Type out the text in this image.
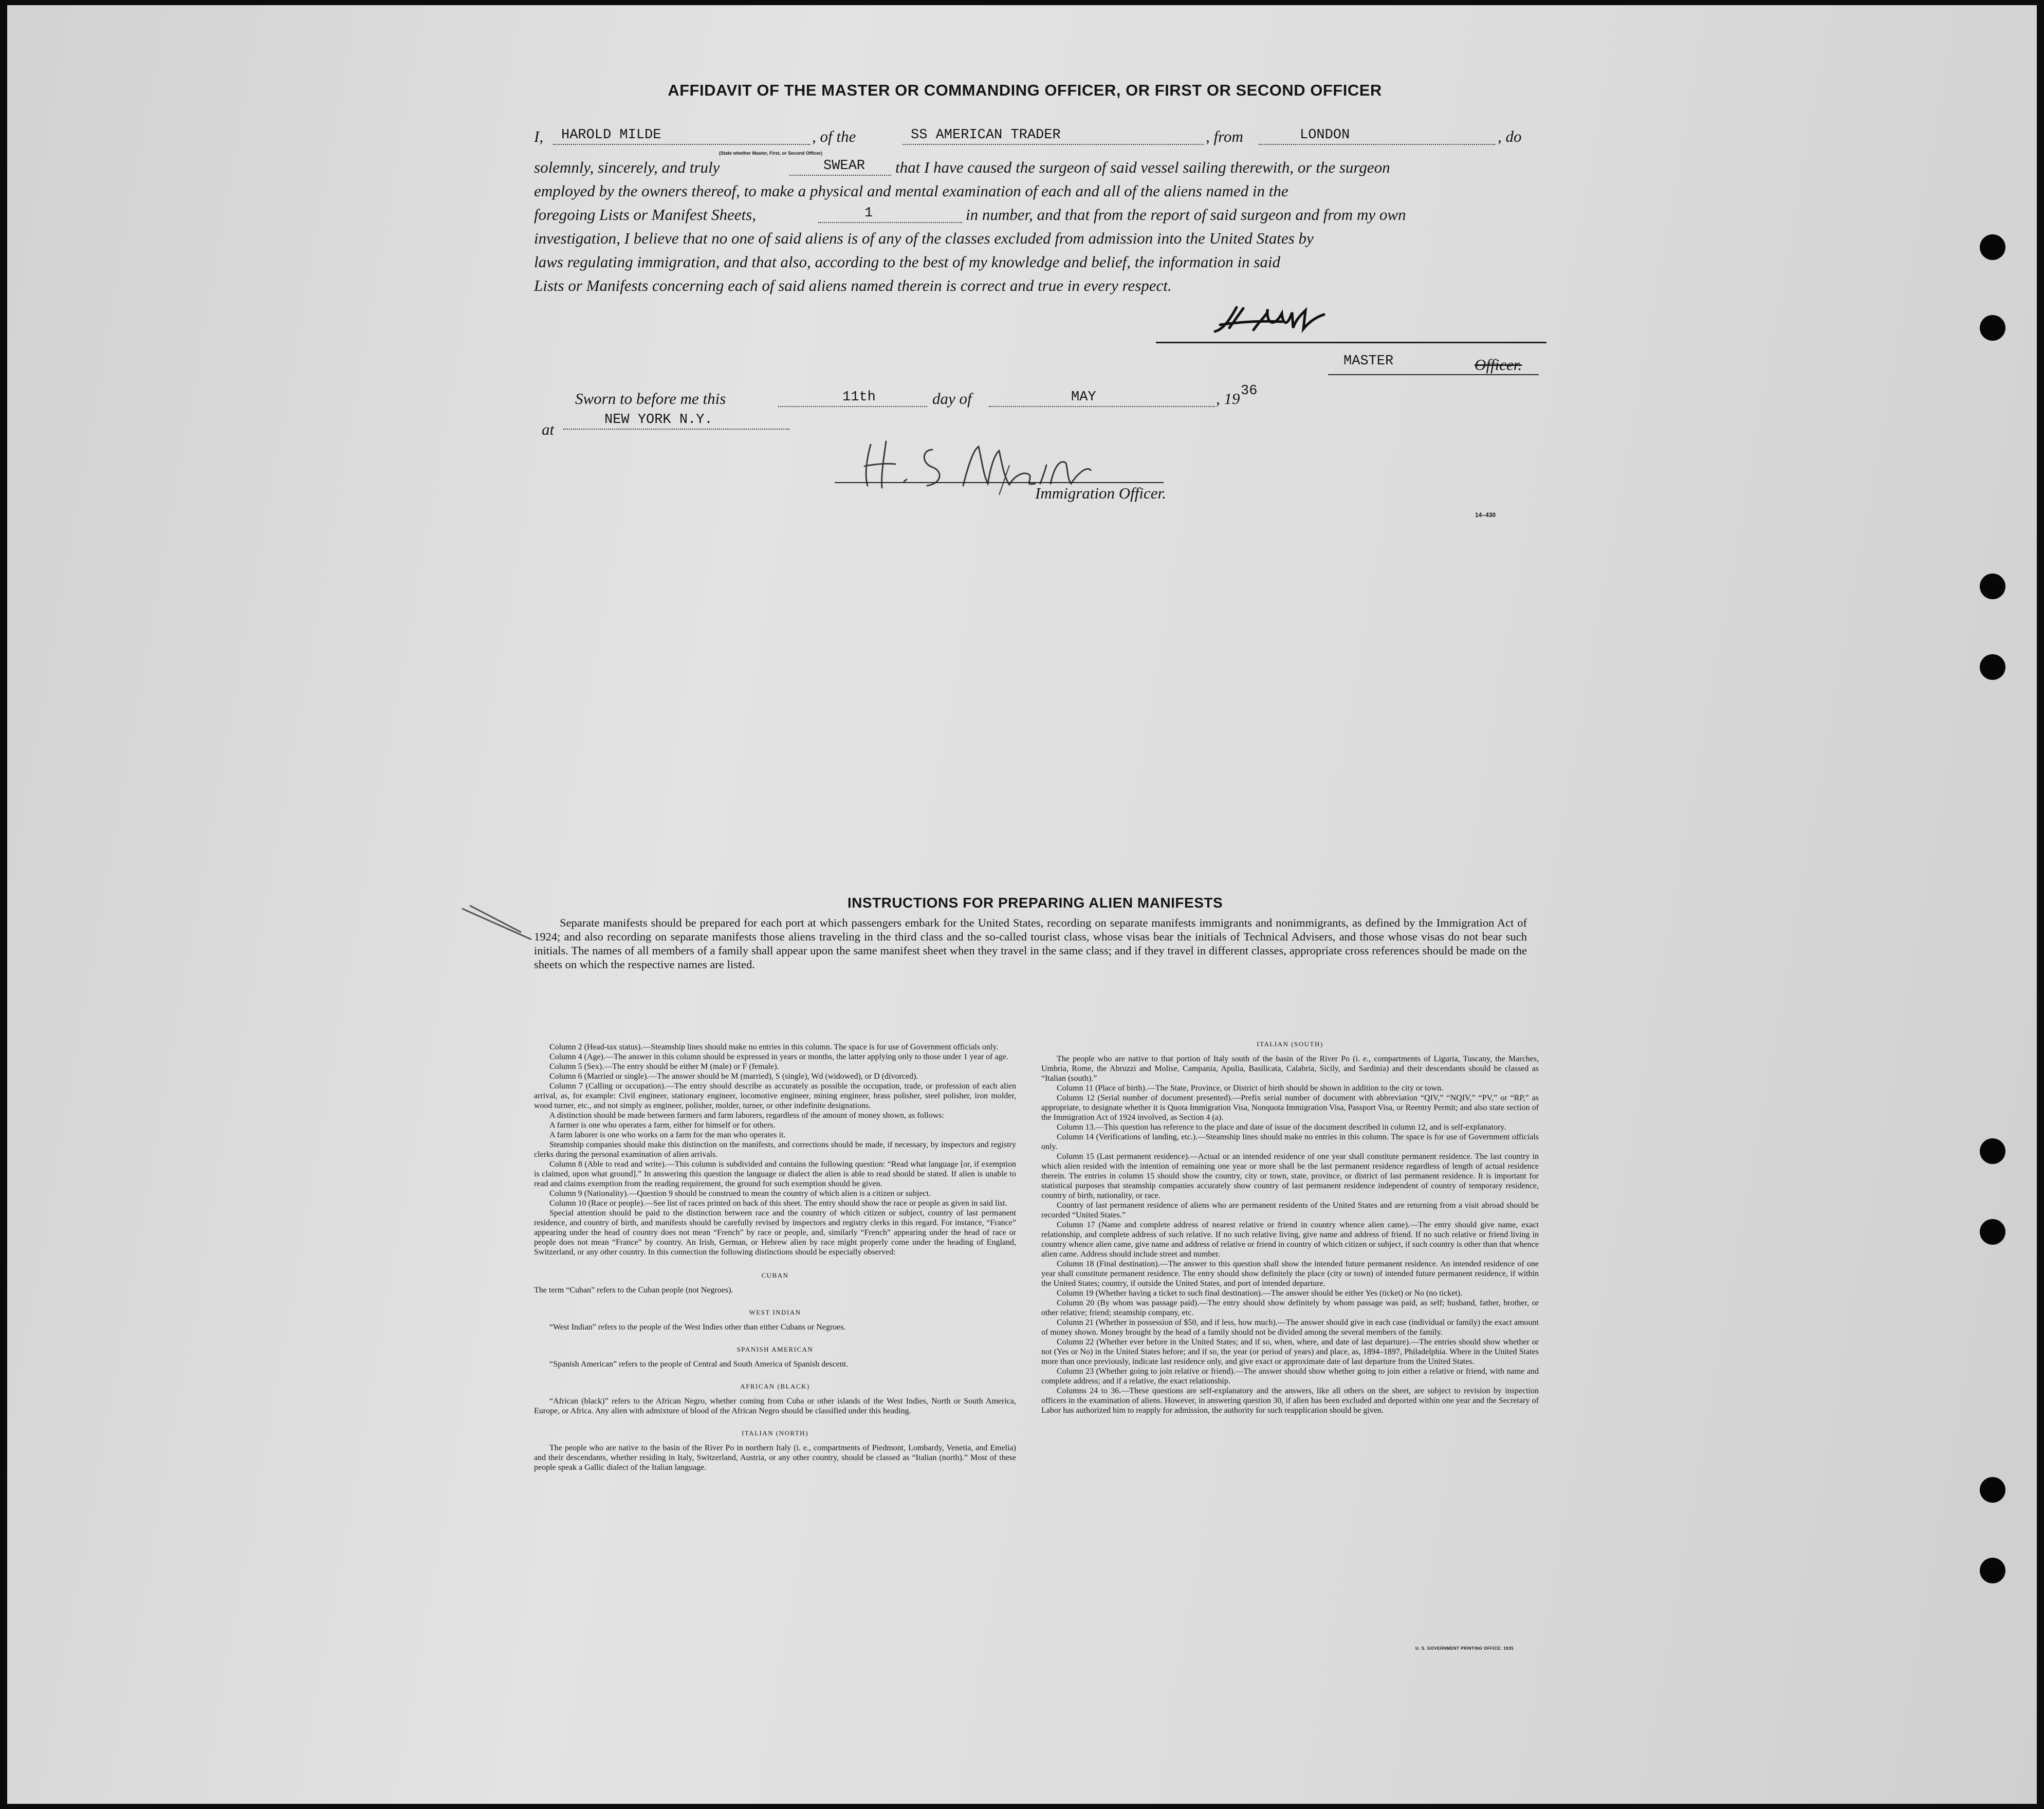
AFFIDAVIT OF THE MASTER OR COMMANDING OFFICER, OR FIRST OR SECOND OFFICER
I,	HAROLD MILDE	, of the	SS AMERICAN TRADER	, from	LONDON	, do
(State whether Master, First, or Second Officer)
solemnly, sincerely, and truly	SWEAR	that I have caused the surgeon of said vessel sailing therewith, or the surgeon
employed by the owners thereof, to make a physical and mental examination of each and all of the aliens named in the
foregoing Lists or Manifest Sheets,	1	in number, and that from the report of said surgeon and from my own
investigation, I believe that no one of said aliens is of any of the classes excluded from admission into the United States by
laws regulating immigration, and that also, according to the best of my knowledge and belief, the information in said
Lists or Manifests concerning each of said aliens named therein is correct and true in every respect.
MASTER	Officer.
Sworn to before me this	11th	day of	MAY	, 19 36
at
NEW YORK N.Y.
Immigration Officer.
14–430
INSTRUCTIONS FOR PREPARING ALIEN MANIFESTS

Separate manifests should be prepared for each port at which passengers embark for the United States, recording on separate manifests immigrants and nonimmigrants, as defined by the Immigration Act of 1924; and also recording on separate manifests those aliens traveling in the third class and the so-called tourist class, whose visas bear the initials of Technical Advisers, and those whose visas do not bear such initials. The names of all members of a family shall appear upon the same manifest sheet when they travel in the same class; and if they travel in different classes, appropriate cross references should be made on the sheets on which the respective names are listed.

Column 2 (Head-tax status).—Steamship lines should make no entries in this column. The space is for use of Government officials only.

Column 4 (Age).—The answer in this column should be expressed in years or months, the latter applying only to those under 1 year of age.

Column 5 (Sex).—The entry should be either M (male) or F (female).

Column 6 (Married or single).—The answer should be M (married), S (single), Wd (widowed), or D (divorced).

Column 7 (Calling or occupation).—The entry should describe as accurately as possible the occupation, trade, or profession of each alien arrival, as, for example: Civil engineer, stationary engineer, locomotive engineer, mining engineer, brass polisher, steel polisher, iron molder, wood turner, etc., and not simply as engineer, polisher, molder, turner, or other indefinite designations.

A distinction should be made between farmers and farm laborers, regardless of the amount of money shown, as follows:

A farmer is one who operates a farm, either for himself or for others.

A farm laborer is one who works on a farm for the man who operates it.

Steamship companies should make this distinction on the manifests, and corrections should be made, if necessary, by inspectors and registry clerks during the personal examination of alien arrivals.

Column 8 (Able to read and write).—This column is subdivided and contains the following question: “Read what language [or, if exemption is claimed, upon what ground].” In answering this question the language or dialect the alien is able to read should be stated. If alien is unable to read and claims exemption from the reading requirement, the ground for such exemption should be given.

Column 9 (Nationality).—Question 9 should be construed to mean the country of which alien is a citizen or subject.

Column 10 (Race or people).—See list of races printed on back of this sheet. The entry should show the race or people as given in said list.

Special attention should be paid to the distinction between race and the country of which citizen or subject, country of last permanent residence, and country of birth, and manifests should be carefully revised by inspectors and registry clerks in this regard. For instance, “France” appearing under the head of country does not mean “French” by race or people, and, similarly “French” appearing under the head of race or people does not mean “France” by country. An Irish, German, or Hebrew alien by race might properly come under the heading of England, Switzerland, or any other country. In this connection the following distinctions should be especially observed:

CUBAN

The term “Cuban” refers to the Cuban people (not Negroes).

WEST INDIAN

“West Indian” refers to the people of the West Indies other than either Cubans or Negroes.

SPANISH AMERICAN

“Spanish American” refers to the people of Central and South America of Spanish descent.

AFRICAN (BLACK)

“African (black)” refers to the African Negro, whether coming from Cuba or other islands of the West Indies, North or South America, Europe, or Africa. Any alien with admixture of blood of the African Negro should be classified under this heading.

ITALIAN (NORTH)

The people who are native to the basin of the River Po in northern Italy (i. e., compartments of Piedmont, Lombardy, Venetia, and Emelia) and their descendants, whether residing in Italy, Switzerland, Austria, or any other country, should be classed as “Italian (north).” Most of these people speak a Gallic dialect of the Italian language.

ITALIAN (SOUTH)

The people who are native to that portion of Italy south of the basin of the River Po (i. e., compartments of Liguria, Tuscany, the Marches, Umbria, Rome, the Abruzzi and Molise, Campania, Apulia, Basilicata, Calabria, Sicily, and Sardinia) and their descendants should be classed as “Italian (south).”

Column 11 (Place of birth).—The State, Province, or District of birth should be shown in addition to the city or town.

Column 12 (Serial number of document presented).—Prefix serial number of document with abbreviation “QIV,” “NQIV,” “PV,” or “RP,” as appropriate, to designate whether it is Quota Immigration Visa, Nonquota Immigration Visa, Passport Visa, or Reentry Permit; and also state section of the Immigration Act of 1924 involved, as Section 4 (a).

Column 13.—This question has reference to the place and date of issue of the document described in column 12, and is self-explanatory.

Column 14 (Verifications of landing, etc.).—Steamship lines should make no entries in this column. The space is for use of Government officials only.

Column 15 (Last permanent residence).—Actual or an intended residence of one year shall constitute permanent residence. The last country in which alien resided with the intention of remaining one year or more shall be the last permanent residence regardless of length of actual residence therein. The entries in column 15 should show the country, city or town, state, province, or district of last permanent residence. It is important for statistical purposes that steamship companies accurately show country of last permanent residence independent of country of temporary residence, country of birth, nationality, or race.

Country of last permanent residence of aliens who are permanent residents of the United States and are returning from a visit abroad should be recorded “United States.”

Column 17 (Name and complete address of nearest relative or friend in country whence alien came).—The entry should give name, exact relationship, and complete address of such relative. If no such relative living, give name and address of friend. If no such relative or friend living in country whence alien came, give name and address of relative or friend in country of which citizen or subject, if such country is other than that whence alien came. Address should include street and number.

Column 18 (Final destination).—The answer to this question shall show the intended future permanent residence. An intended residence of one year shall constitute permanent residence. The entry should show definitely the place (city or town) of intended future permanent residence, if within the United States; country, if outside the United States, and port of intended departure.

Column 19 (Whether having a ticket to such final destination).—The answer should be either Yes (ticket) or No (no ticket).

Column 20 (By whom was passage paid).—The entry should show definitely by whom passage was paid, as self; husband, father, brother, or other relative; friend; steamship company, etc.

Column 21 (Whether in possession of $50, and if less, how much).—The answer should give in each case (individual or family) the exact amount of money shown. Money brought by the head of a family should not be divided among the several members of the family.

Column 22 (Whether ever before in the United States; and if so, when, where, and date of last departure).—The entries should show whether or not (Yes or No) in the United States before; and if so, the year (or period of years) and place, as, 1894–1897, Philadelphia. Where in the United States more than once previously, indicate last residence only, and give exact or approximate date of last departure from the United States.

Column 23 (Whether going to join relative or friend).—The answer should show whether going to join either a relative or friend, with name and complete address; and if a relative, the exact relationship.

Columns 24 to 36.—These questions are self-explanatory and the answers, like all others on the sheet, are subject to revision by inspection officers in the examination of aliens. However, in answering question 30, if alien has been excluded and deported within one year and the Secretary of Labor has authorized him to reapply for admission, the authority for such reapplication should be given.

U. S. GOVERNMENT PRINTING OFFICE: 1935
